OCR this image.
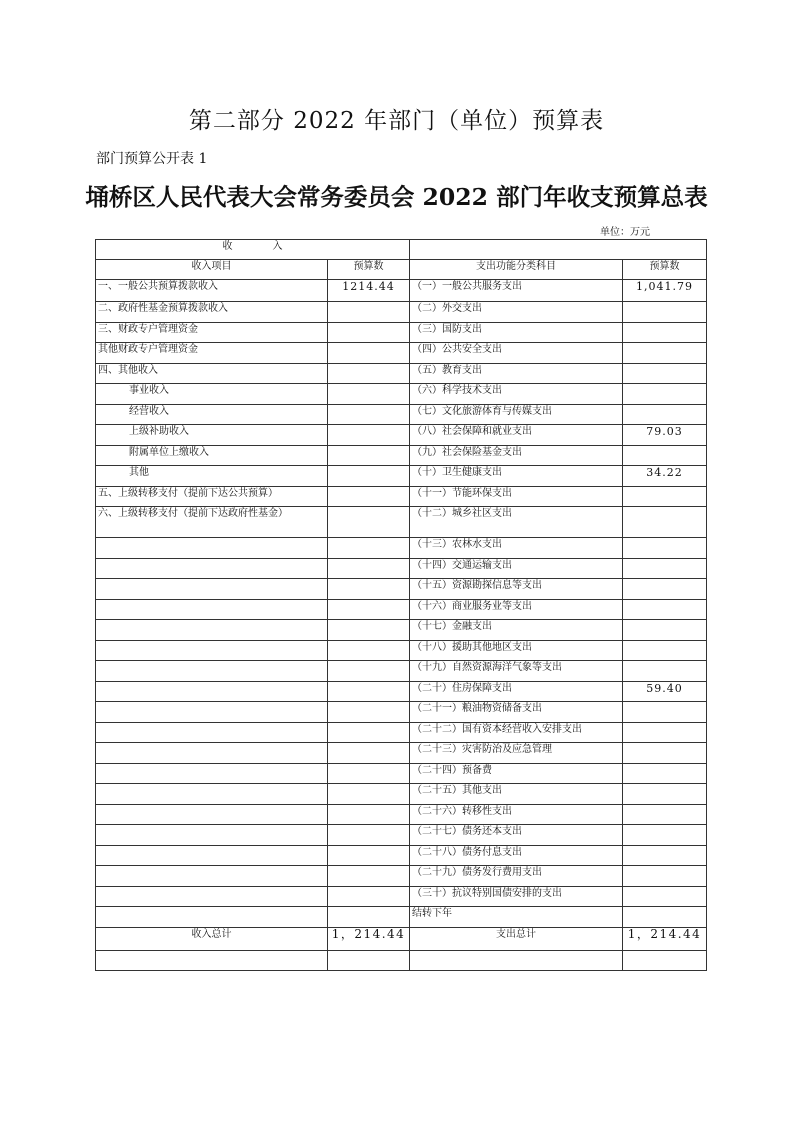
第二部分 2022 年部门（单位）预算表

部门预算公开表 1

埇桥区人民代表大会常务委员会 2022 部门年收支预算总表
单位：万元
收　　　　入			
收入项目	预算数	支出功能分类科目	预算数
一、一般公共预算拨款收入	1214.44	（一）一般公共服务支出	1,041.79
二、政府性基金预算拨款收入		（二）外交支出	
三、财政专户管理资金		（三）国防支出	
其他财政专户管理资金		（四）公共安全支出	
四、其他收入		（五）教育支出	
事业收入		（六）科学技术支出	
经营收入		（七）文化旅游体育与传媒支出	
上级补助收入		（八）社会保障和就业支出	79.03
附属单位上缴收入		（九）社会保险基金支出	
其他		（十）卫生健康支出	34.22
五、上级转移支付（提前下达公共预算）		（十一）节能环保支出	
六、上级转移支付（提前下达政府性基金）		（十二）城乡社区支出	
		（十三）农林水支出	
		（十四）交通运输支出	
		（十五）资源勘探信息等支出	
		（十六）商业服务业等支出	
		（十七）金融支出	
		（十八）援助其他地区支出	
		（十九）自然资源海洋气象等支出	
		（二十）住房保障支出	59.40
		（二十一）粮油物资储备支出	
		（二十二）国有资本经营收入安排支出	
		（二十三）灾害防治及应急管理	
		（二十四）预备费	
		（二十五）其他支出	
		（二十六）转移性支出	
		（二十七）债务还本支出	
		（二十八）债务付息支出	
		（二十九）债务发行费用支出	
		（三十）抗议特别国债安排的支出	
		结转下年	
收入总计	1，214.44	支出总计	1，214.44
